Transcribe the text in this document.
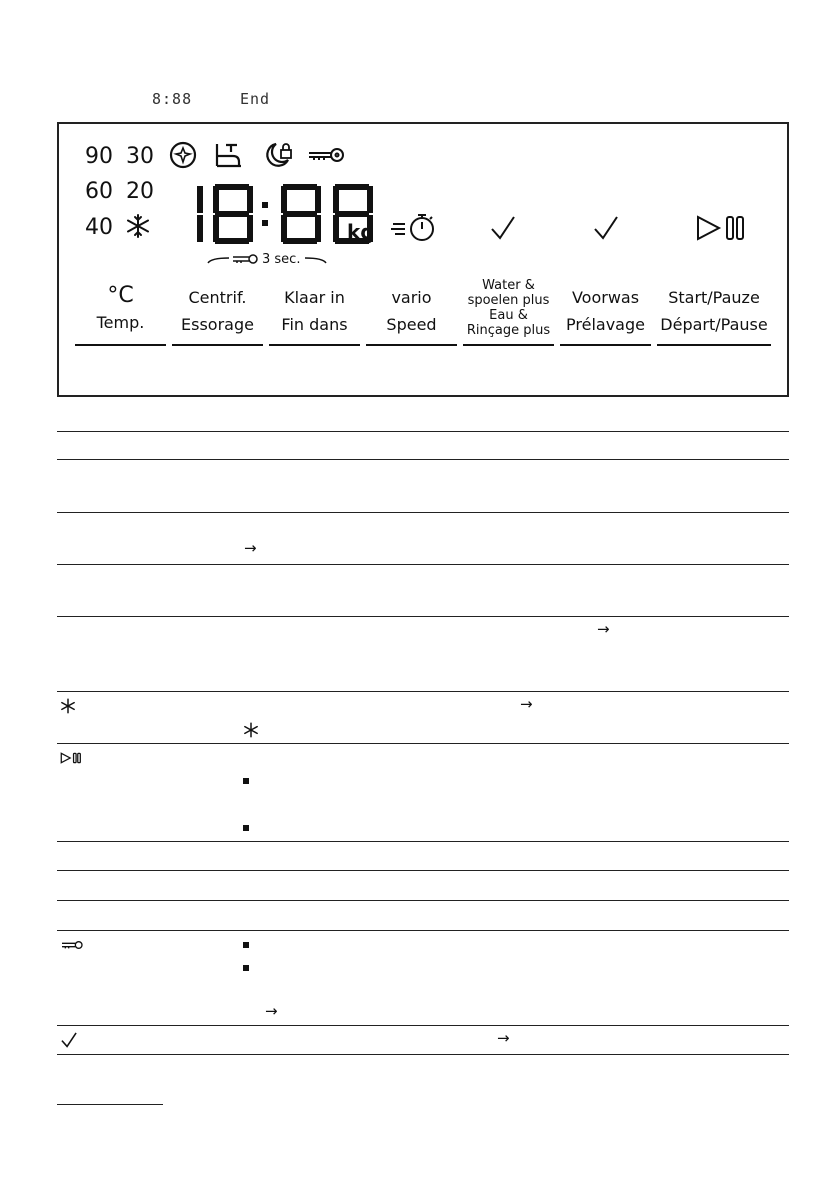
8:88	End
90 30
60 20
40	kg
3 sec.
°C
Temp.
Centrif.
Essorage
Klaar in
Fin dans
vario
Speed
Water &
spoelen plus
Eau &
Rinçage plus
Voorwas
Prélavage
Start/Pauze
Départ/Pause
→
→
→
→
→
